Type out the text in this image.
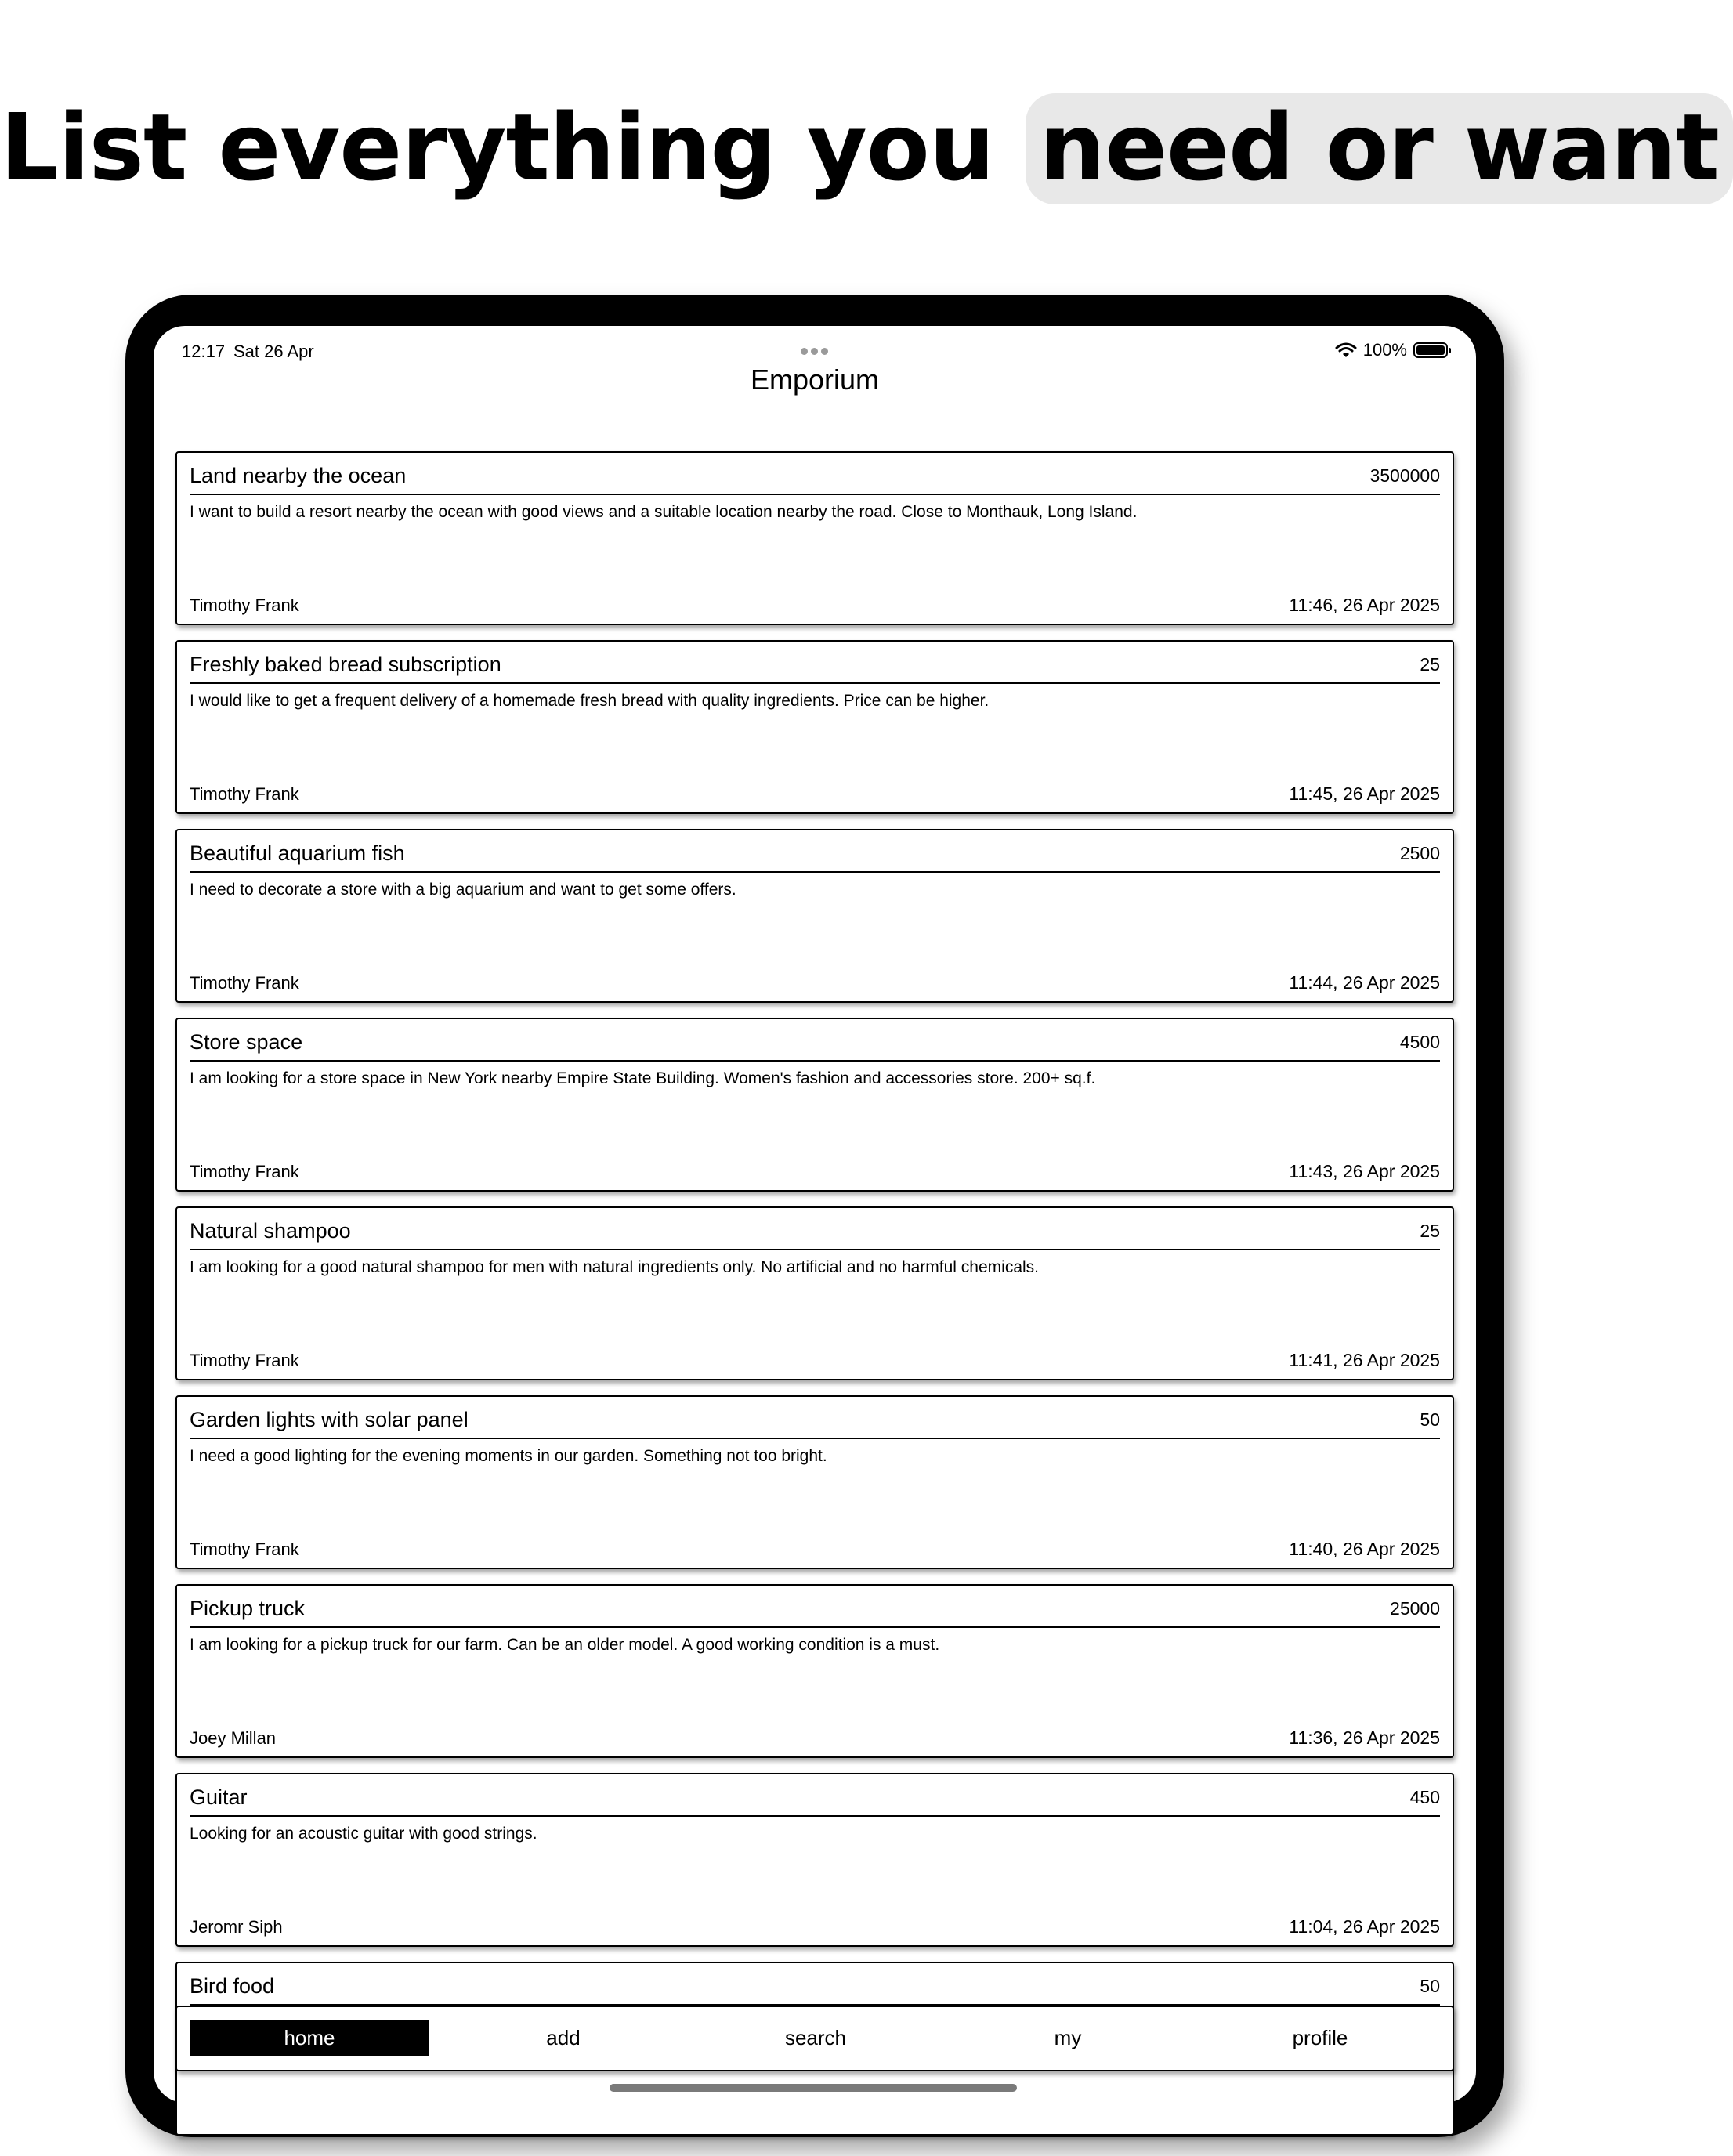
List everything you need or want
12:17 Sat 26 Apr	100%
Emporium
Land nearby the ocean	3500000
I want to build a resort nearby the ocean with good views and a suitable location nearby the road. Close to Monthauk, Long Island.
Timothy Frank	11:46, 26 Apr 2025
Freshly baked bread subscription	25
I would like to get a frequent delivery of a homemade fresh bread with quality ingredients. Price can be higher.
Timothy Frank	11:45, 26 Apr 2025
Beautiful aquarium fish	2500
I need to decorate a store with a big aquarium and want to get some offers.
Timothy Frank	11:44, 26 Apr 2025
Store space	4500
I am looking for a store space in New York nearby Empire State Building. Women's fashion and accessories store. 200+ sq.f.
Timothy Frank	11:43, 26 Apr 2025
Natural shampoo	25
I am looking for a good natural shampoo for men with natural ingredients only. No artificial and no harmful chemicals.
Timothy Frank	11:41, 26 Apr 2025
Garden lights with solar panel	50
I need a good lighting for the evening moments in our garden. Something not too bright.
Timothy Frank	11:40, 26 Apr 2025
Pickup truck	25000
I am looking for a pickup truck for our farm. Can be an older model. A good working condition is a must.
Joey Millan	11:36, 26 Apr 2025
Guitar	450
Looking for an acoustic guitar with good strings.
Jeromr Siph	11:04, 26 Apr 2025
Bird food	50
home	add	search	my	profile
